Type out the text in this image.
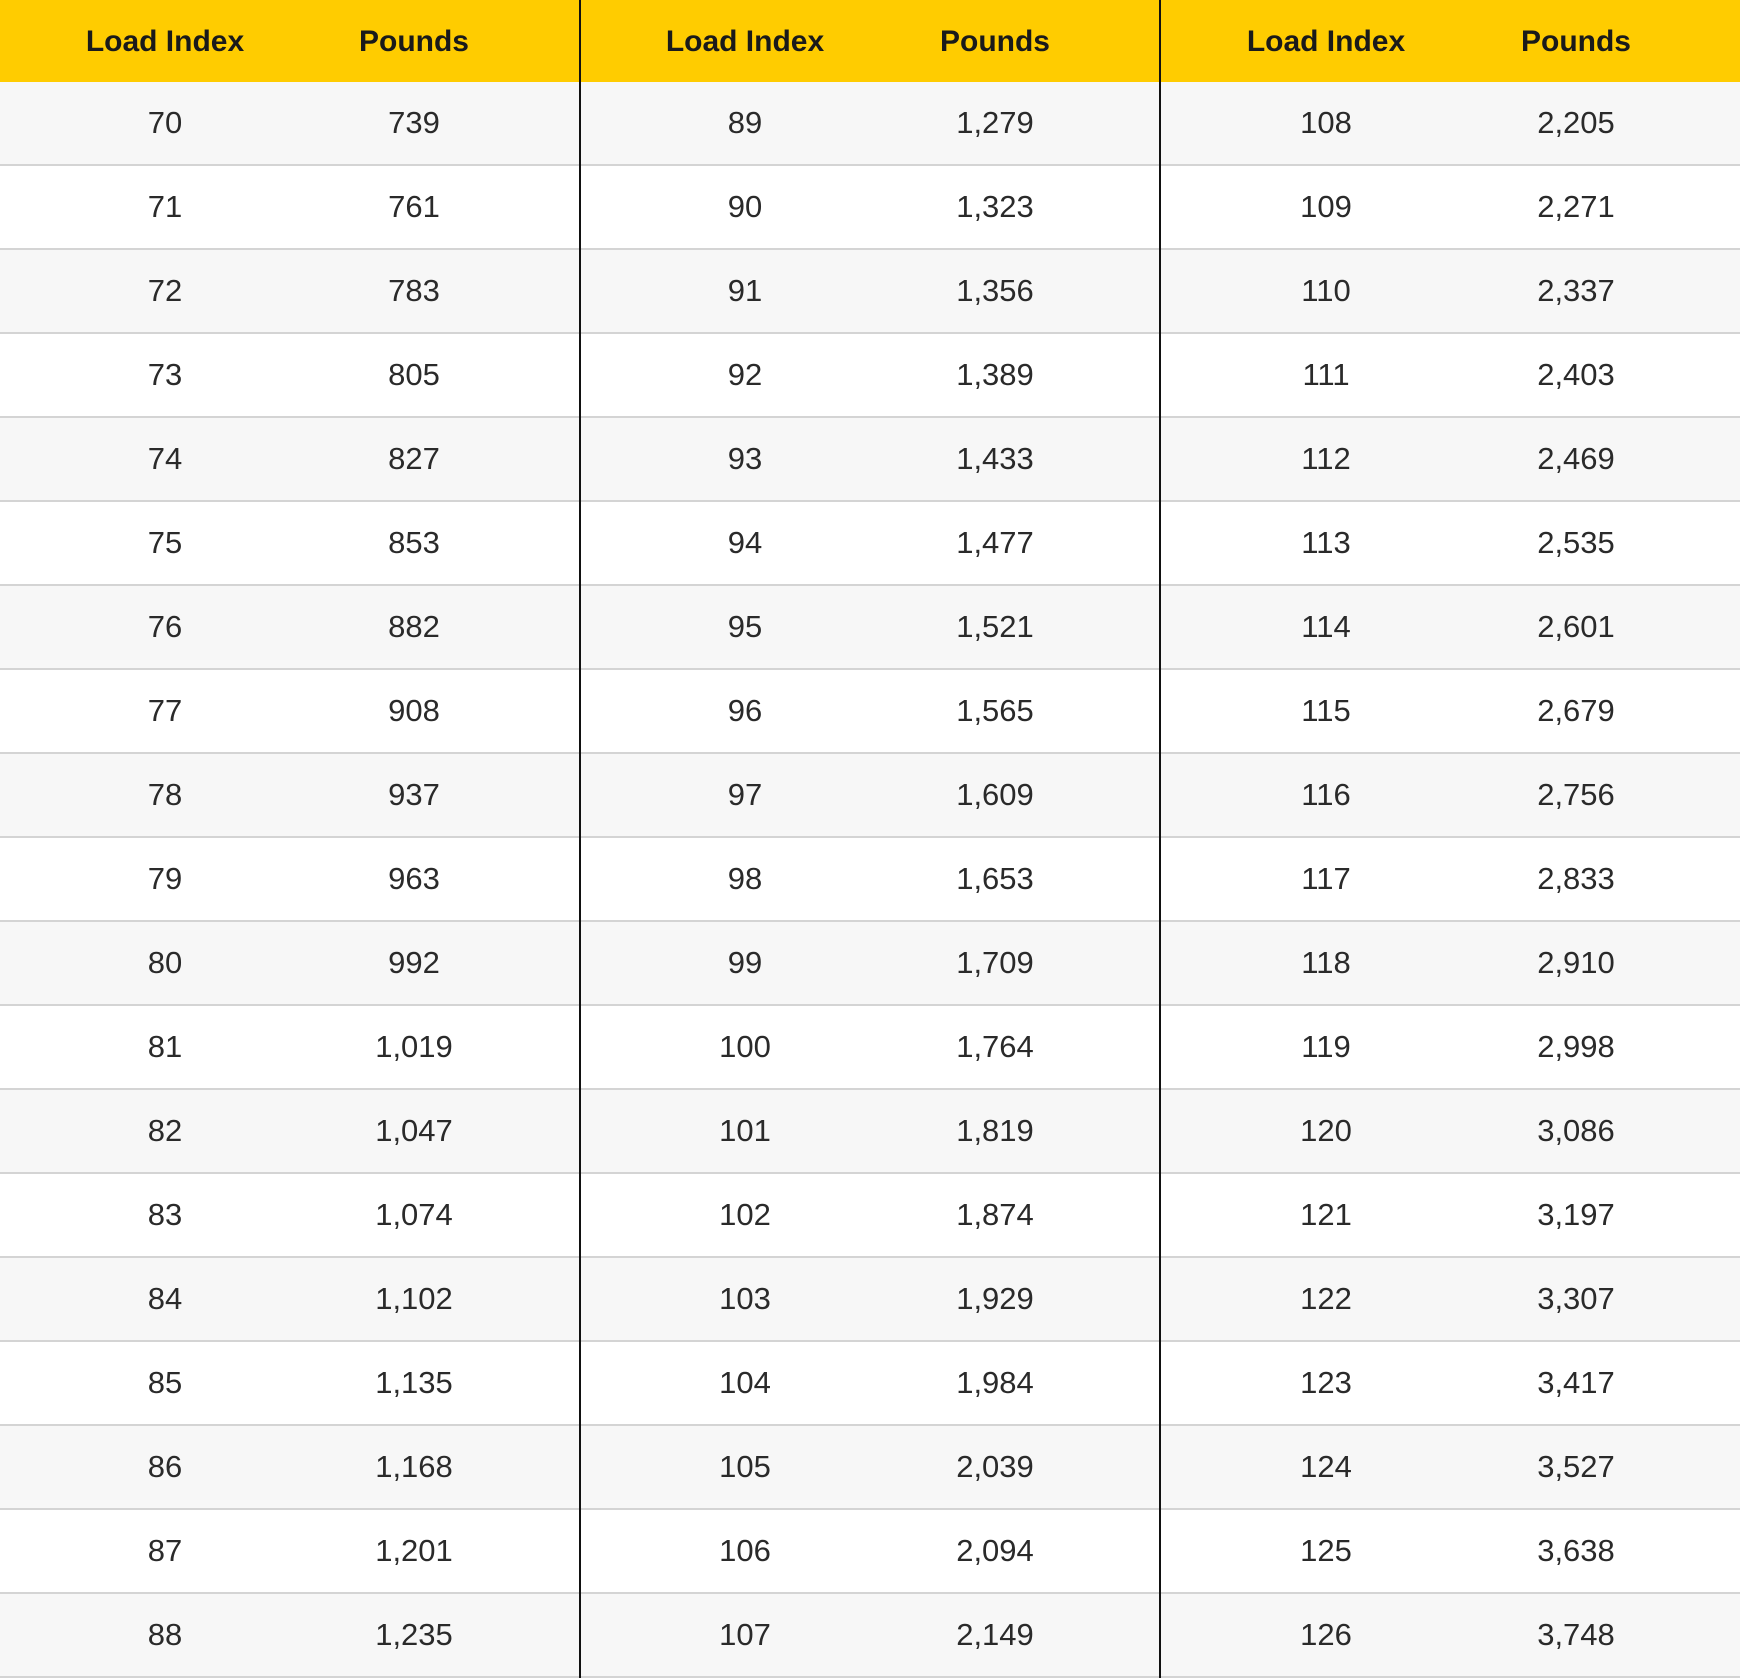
Load Index	Pounds	Load Index	Pounds	Load Index	Pounds
70	739	89	1,279	108	2,205
71	761	90	1,323	109	2,271
72	783	91	1,356	110	2,337
73	805	92	1,389	111	2,403
74	827	93	1,433	112	2,469
75	853	94	1,477	113	2,535
76	882	95	1,521	114	2,601
77	908	96	1,565	115	2,679
78	937	97	1,609	116	2,756
79	963	98	1,653	117	2,833
80	992	99	1,709	118	2,910
81	1,019	100	1,764	119	2,998
82	1,047	101	1,819	120	3,086
83	1,074	102	1,874	121	3,197
84	1,102	103	1,929	122	3,307
85	1,135	104	1,984	123	3,417
86	1,168	105	2,039	124	3,527
87	1,201	106	2,094	125	3,638
88	1,235	107	2,149	126	3,748
